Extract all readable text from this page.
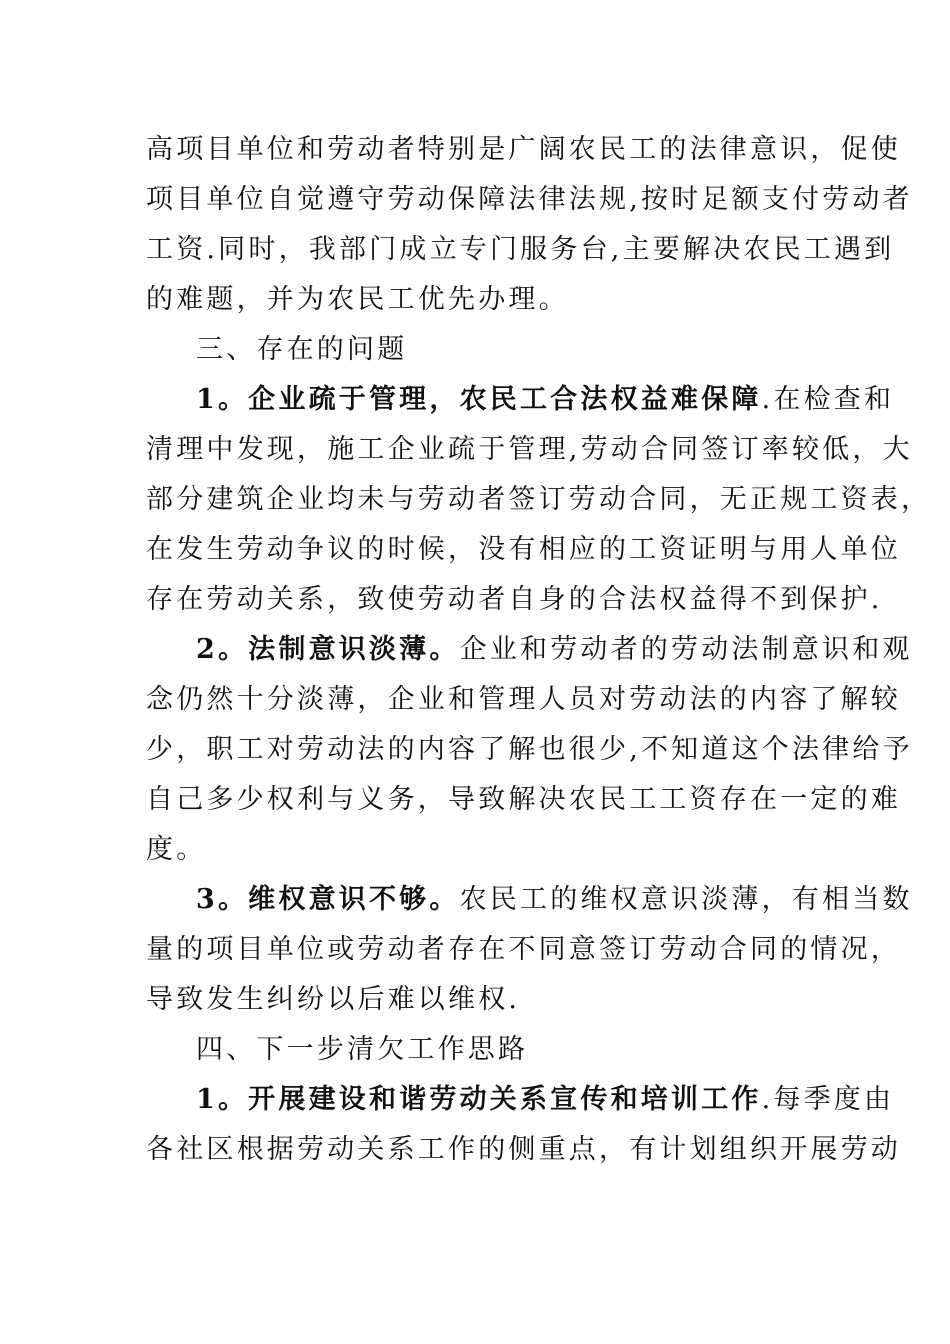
高项目单位和劳动者特别是广阔农民工的法律意识，促使
项目单位自觉遵守劳动保障法律法规,按时足额支付劳动者
工资.同时，我部门成立专门服务台,主要解决农民工遇到
的难题，并为农民工优先办理。
三、存在的问题
1。企业疏于管理，农民工合法权益难保障.在检查和
清理中发现，施工企业疏于管理,劳动合同签订率较低，大
部分建筑企业均未与劳动者签订劳动合同，无正规工资表，
在发生劳动争议的时候，没有相应的工资证明与用人单位
存在劳动关系，致使劳动者自身的合法权益得不到保护.
2。法制意识淡薄。企业和劳动者的劳动法制意识和观
念仍然十分淡薄，企业和管理人员对劳动法的内容了解较
少，职工对劳动法的内容了解也很少,不知道这个法律给予
自己多少权利与义务，导致解决农民工工资存在一定的难
度。
3。维权意识不够。农民工的维权意识淡薄，有相当数
量的项目单位或劳动者存在不同意签订劳动合同的情况，
导致发生纠纷以后难以维权.
四、下一步清欠工作思路
1。开展建设和谐劳动关系宣传和培训工作.每季度由
各社区根据劳动关系工作的侧重点，有计划组织开展劳动
